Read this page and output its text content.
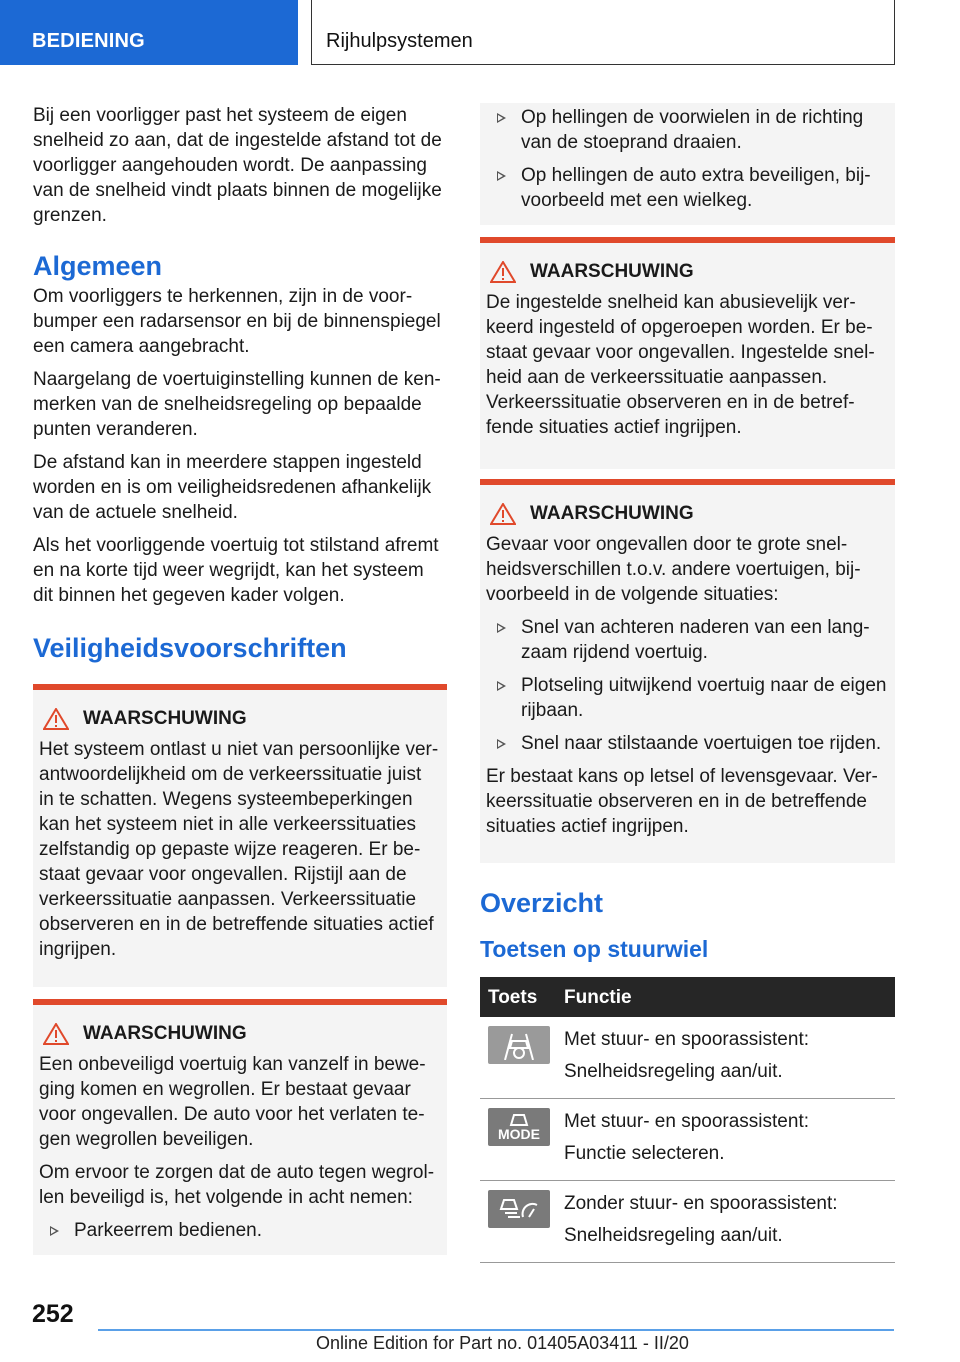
BEDIENING	Rijhulpsystemen

Bij een voorligger past het systeem de eigen snelheid zo aan, dat de ingestelde afstand tot de voorligger aangehouden wordt. De aanpassing van de snelheid vindt plaats binnen de mogelijke grenzen.

Algemeen

Om voorliggers te herkennen, zijn in de voorbumper een radarsensor en bij de binnenspiegel een camera aangebracht.

Naargelang de voertuiginstelling kunnen de kenmerken van de snelheidsregeling op bepaalde punten veranderen.

De afstand kan in meerdere stappen ingesteld worden en is om veiligheidsredenen afhankelijk van de actuele snelheid.

Als het voorliggende voertuig tot stilstand afremt en na korte tijd weer wegrijdt, kan het systeem dit binnen het gegeven kader volgen.

Veiligheidsvoorschriften
WAARSCHUWING

Het systeem ontlast u niet van persoonlijke verantwoordelijkheid om de verkeerssituatie juist in te schatten. Wegens systeembeperkingen kan het systeem niet in alle verkeerssituaties zelfstandig op gepaste wijze reageren. Er bestaat gevaar voor ongevallen. Rijstijl aan de verkeerssituatie aanpassen. Verkeerssituatie observeren en in de betreffende situaties actief ingrijpen.

WAARSCHUWING

Een onbeveiligd voertuig kan vanzelf in beweging komen en wegrollen. Er bestaat gevaar voor ongevallen. De auto voor het verlaten tegen wegrollen beveiligen.

Om ervoor te zorgen dat de auto tegen wegrollen beveiligd is, het volgende in acht nemen:

Parkeerrem bedienen.
Op hellingen de voorwielen in de richting van de stoeprand draaien.
Op hellingen de auto extra beveiligen, bijvoorbeeld met een wielkeg.
WAARSCHUWING

De ingestelde snelheid kan abusievelijk verkeerd ingesteld of opgeroepen worden. Er bestaat gevaar voor ongevallen. Ingestelde snelheid aan de verkeerssituatie aanpassen. Verkeerssituatie observeren en in de betreffende situaties actief ingrijpen.

WAARSCHUWING

Gevaar voor ongevallen door te grote snelheidsverschillen t.o.v. andere voertuigen, bijvoorbeeld in de volgende situaties:

Snel van achteren naderen van een langzaam rijdend voertuig.
Plotseling uitwijkend voertuig naar de eigen rijbaan.
Snel naar stilstaande voertuigen toe rijden.

Er bestaat kans op letsel of levensgevaar. Verkeerssituatie observeren en in de betreffende situaties actief ingrijpen.

Overzicht
Toetsen op stuurwiel
Toets	Functie

Met stuur- en spoorassistent:
Snelheidsregeling aan/uit.

MODE	Met stuur- en spoorassistent:
Functie selecteren.

Zonder stuur- en spoorassistent:
Snelheidsregeling aan/uit.
252
Online Edition for Part no. 01405A03411 - II/20
